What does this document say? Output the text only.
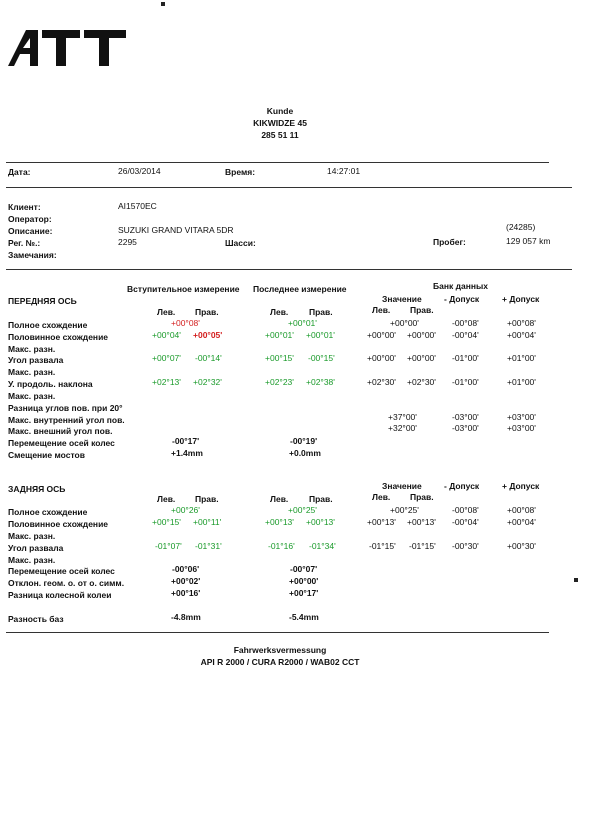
Kunde
KIKWIDZE 45
285 51 11
Дата:	26/03/2014	Время:	14:27:01
Клиент:	AI1570EC
Оператор:
Описание:	SUZUKI GRAND VITARA 5DR	(24285)
Рег. №.:	2295	Шасси:	Пробег:	129 057 km
Замечания:
Вступительное измерение Последнее измерение	Банк данных
Значение	- Допуск	+ Допуск
ПЕРЕДНЯЯ ОСЬ
Лев. Прав.	Лев. Прав.	Лев. Прав.
Полное схождение	+00°08'	+00°01'	+00°00'	-00°08'	+00°08'
Половинное схождение	+00°04' +00°05'	+00°01' +00°01'	+00°00' +00°00' -00°04'	+00°04'
Макс. разн.
Угол развала	+00°07' -00°14'	+00°15' -00°15'	+00°00' +00°00' -01°00'	+01°00'
Макс. разн.
У. продоль. наклона	+02°13' +02°32'	+02°23' +02°38'	+02°30' +02°30' -01°00'	+01°00'
Макс. разн.
Разница углов пов. при 20°
Макс. внутренний угол пов.	+37°00'	-03°00'	+03°00'
Макс. внешний угол пов.	+32°00'	-03°00'	+03°00'
Перемещение осей колес	-00°17'	-00°19'
Смещение мостов	+1.4mm	+0.0mm
Значение	- Допуск	+ Допуск
ЗАДНЯЯ ОСЬ
Лев. Прав.
Лев. Прав.	Лев. Прав.
Полное схождение	+00°26'	+00°25'	+00°25'	-00°08'	+00°08'
Половинное схождение	+00°15' +00°11'	+00°13' +00°13'	+00°13' +00°13' -00°04'	+00°04'
Макс. разн.
Угол развала	-01°07' -01°31'	-01°16' -01°34'	-01°15' -01°15' -00°30'	+00°30'
Макс. разн.
Перемещение осей колес	-00°06'	-00°07'
Отклон. геом. о. от о. симм.	+00°02'	+00°00'
Разница колесной колеи	+00°16'	+00°17'
Разность баз	-4.8mm	-5.4mm
Fahrwerksvermessung
API R 2000 / CURA R2000 / WAB02 CCT
